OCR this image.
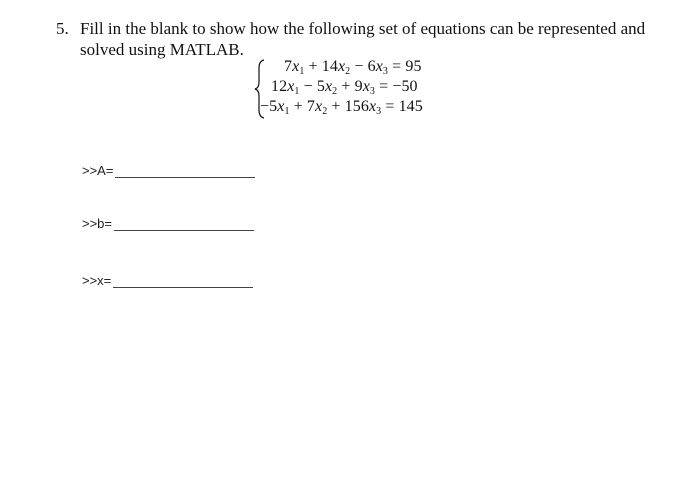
5. Fill in the blank to show how the following set of equations can be represented and
solved using MATLAB.
$7x_1 + 14x_2 - 6x_3 = 95$
$12x_1 - 5x_2 + 9x_3 = -50$
$-5x_1 + 7x_2 + 156x_3 = 145$
>>A=
>>b=
>>x=
